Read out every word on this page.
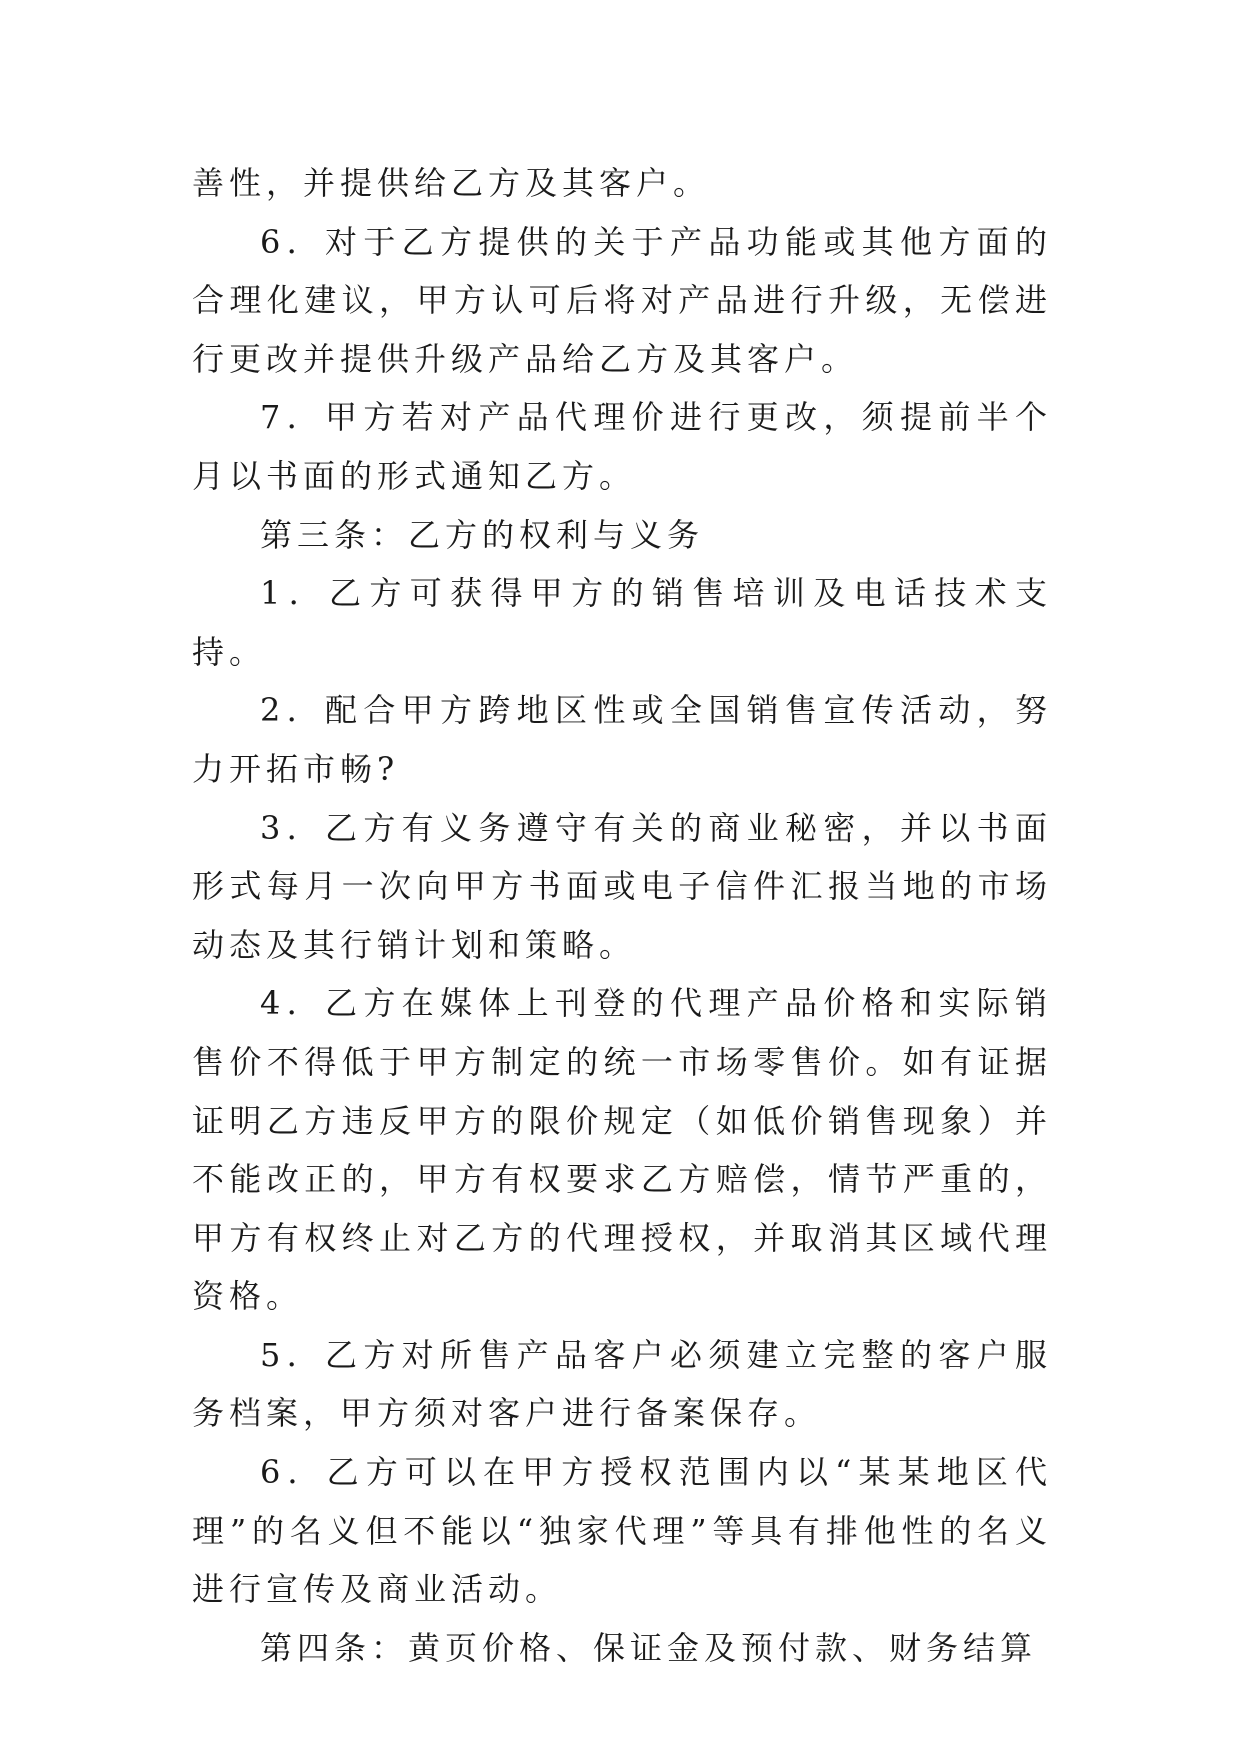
善性，并提供给乙方及其客户。

6．对于乙方提供的关于产品功能或其他方面的合理化建议，甲方认可后将对产品进行升级，无偿进行更改并提供升级产品给乙方及其客户。

7．甲方若对产品代理价进行更改，须提前半个月以书面的形式通知乙方。

第三条：乙方的权利与义务

1．乙方可获得甲方的销售培训及电话技术支持。

2．配合甲方跨地区性或全国销售宣传活动，努力开拓市畅?

3．乙方有义务遵守有关的商业秘密，并以书面形式每月一次向甲方书面或电子信件汇报当地的市场动态及其行销计划和策略。

4．乙方在媒体上刊登的代理产品价格和实际销售价不得低于甲方制定的统一市场零售价。如有证据证明乙方违反甲方的限价规定（如低价销售现象）并不能改正的，甲方有权要求乙方赔偿，情节严重的，甲方有权终止对乙方的代理授权，并取消其区域代理资格。

5．乙方对所售产品客户必须建立完整的客户服务档案，甲方须对客户进行备案保存。

6．乙方可以在甲方授权范围内以“某某地区代理”的名义但不能以“独家代理”等具有排他性的名义进行宣传及商业活动。

第四条：黄页价格、保证金及预付款、财务结算
